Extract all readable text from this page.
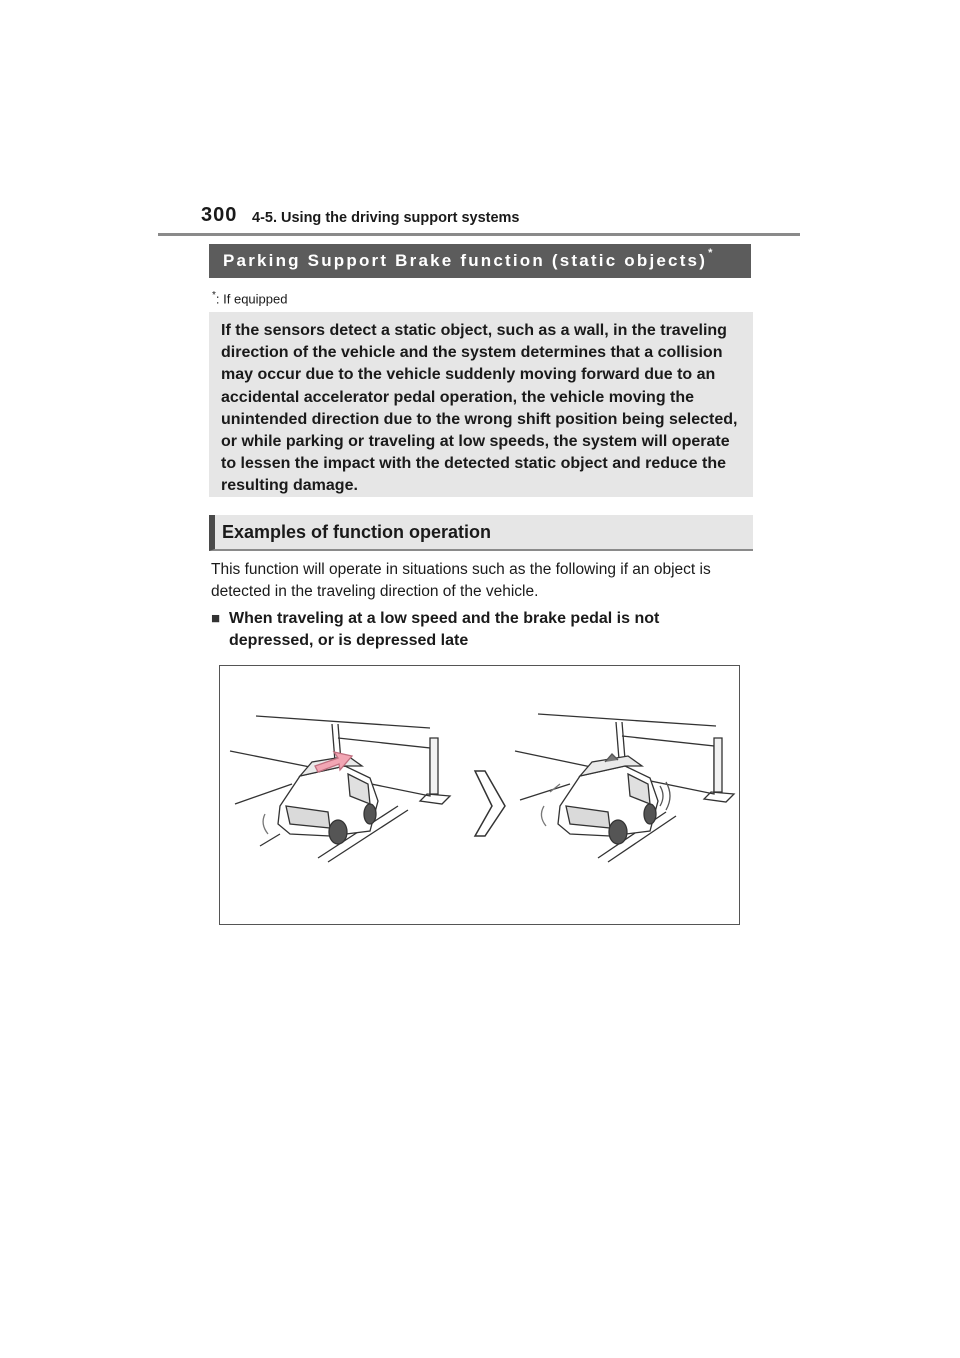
300 4-5. Using the driving support systems
Parking Support Brake function (static objects) *
*: If equipped

If the sensors detect a static object, such as a wall, in the traveling direction of the vehicle and the system determines that a collision may occur due to the vehicle suddenly moving forward due to an accidental accelerator pedal operation, the vehicle moving the unintended direction due to the wrong shift position being selected, or while parking or traveling at low speeds, the system will operate to lessen the impact with the detected static object and reduce the resulting damage.

Examples of function operation

This function will operate in situations such as the following if an object is detected in the traveling direction of the vehicle.

■ When traveling at a low speed and the brake pedal is not depressed, or is depressed late
